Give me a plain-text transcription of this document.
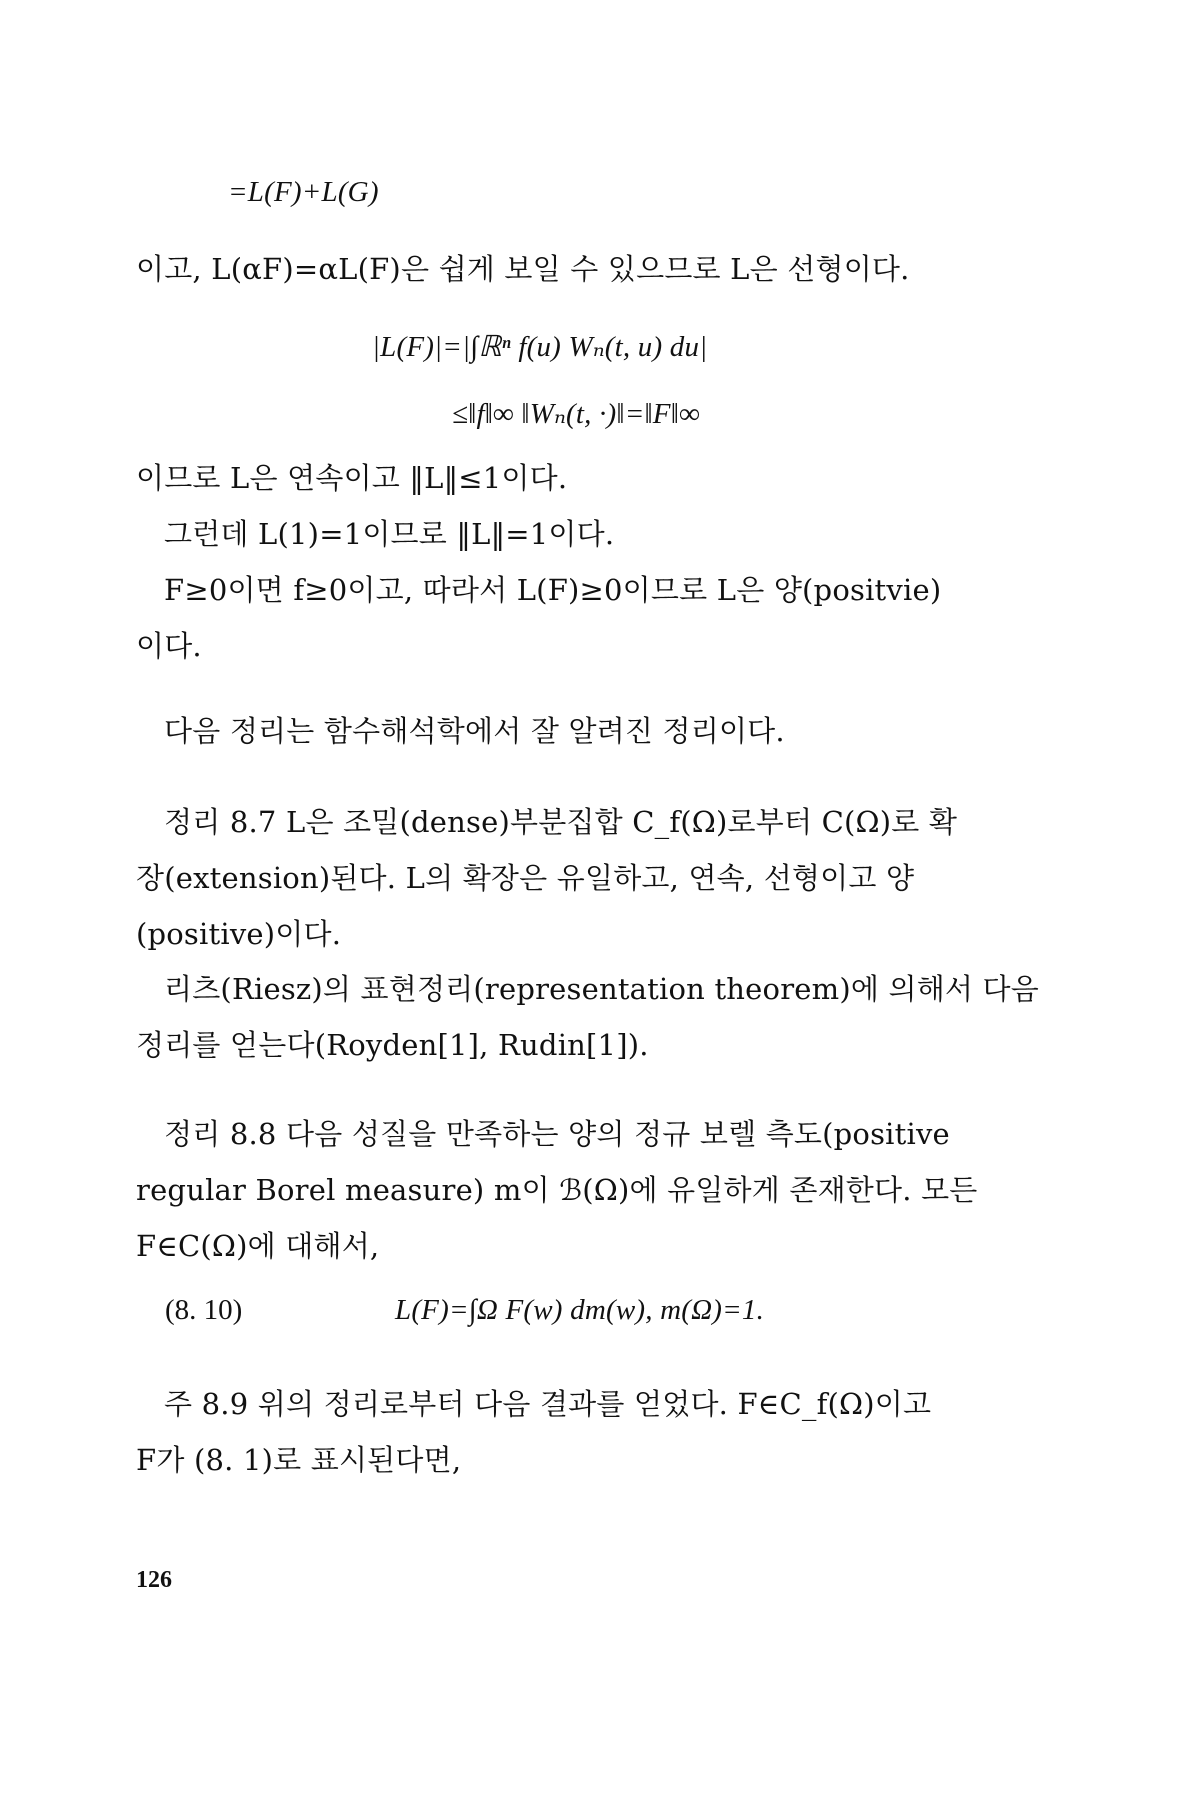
=L(F)+L(G)
이고, L(αF)=αL(F)은 쉽게 보일 수 있으므로 L은 선형이다.
|L(F)|=|∫ℝⁿ f(u) Wₙ(t, u) du|
≤‖f‖∞ ‖Wₙ(t, ·)‖=‖F‖∞
이므로 L은 연속이고 ‖L‖≤1이다.
그런데 L(1)=1이므로 ‖L‖=1이다.
F≥0이면 f≥0이고, 따라서 L(F)≥0이므로 L은 양(positvie)
이다.
다음 정리는 함수해석학에서 잘 알려진 정리이다.
정리 8.7 L은 조밀(dense)부분집합 C_f(Ω)로부터 C(Ω)로 확
장(extension)된다. L의 확장은 유일하고, 연속, 선형이고 양
(positive)이다.
리츠(Riesz)의 표현정리(representation theorem)에 의해서 다음
정리를 얻는다(Royden[1], Rudin[1]).
정리 8.8 다음 성질을 만족하는 양의 정규 보렐 측도(positive
regular Borel measure) m이 ℬ(Ω)에 유일하게 존재한다. 모든
F∈C(Ω)에 대해서,
(8. 10)	L(F)=∫Ω F(w) dm(w), m(Ω)=1.
주 8.9 위의 정리로부터 다음 결과를 얻었다. F∈C_f(Ω)이고
F가 (8. 1)로 표시된다면,
126
